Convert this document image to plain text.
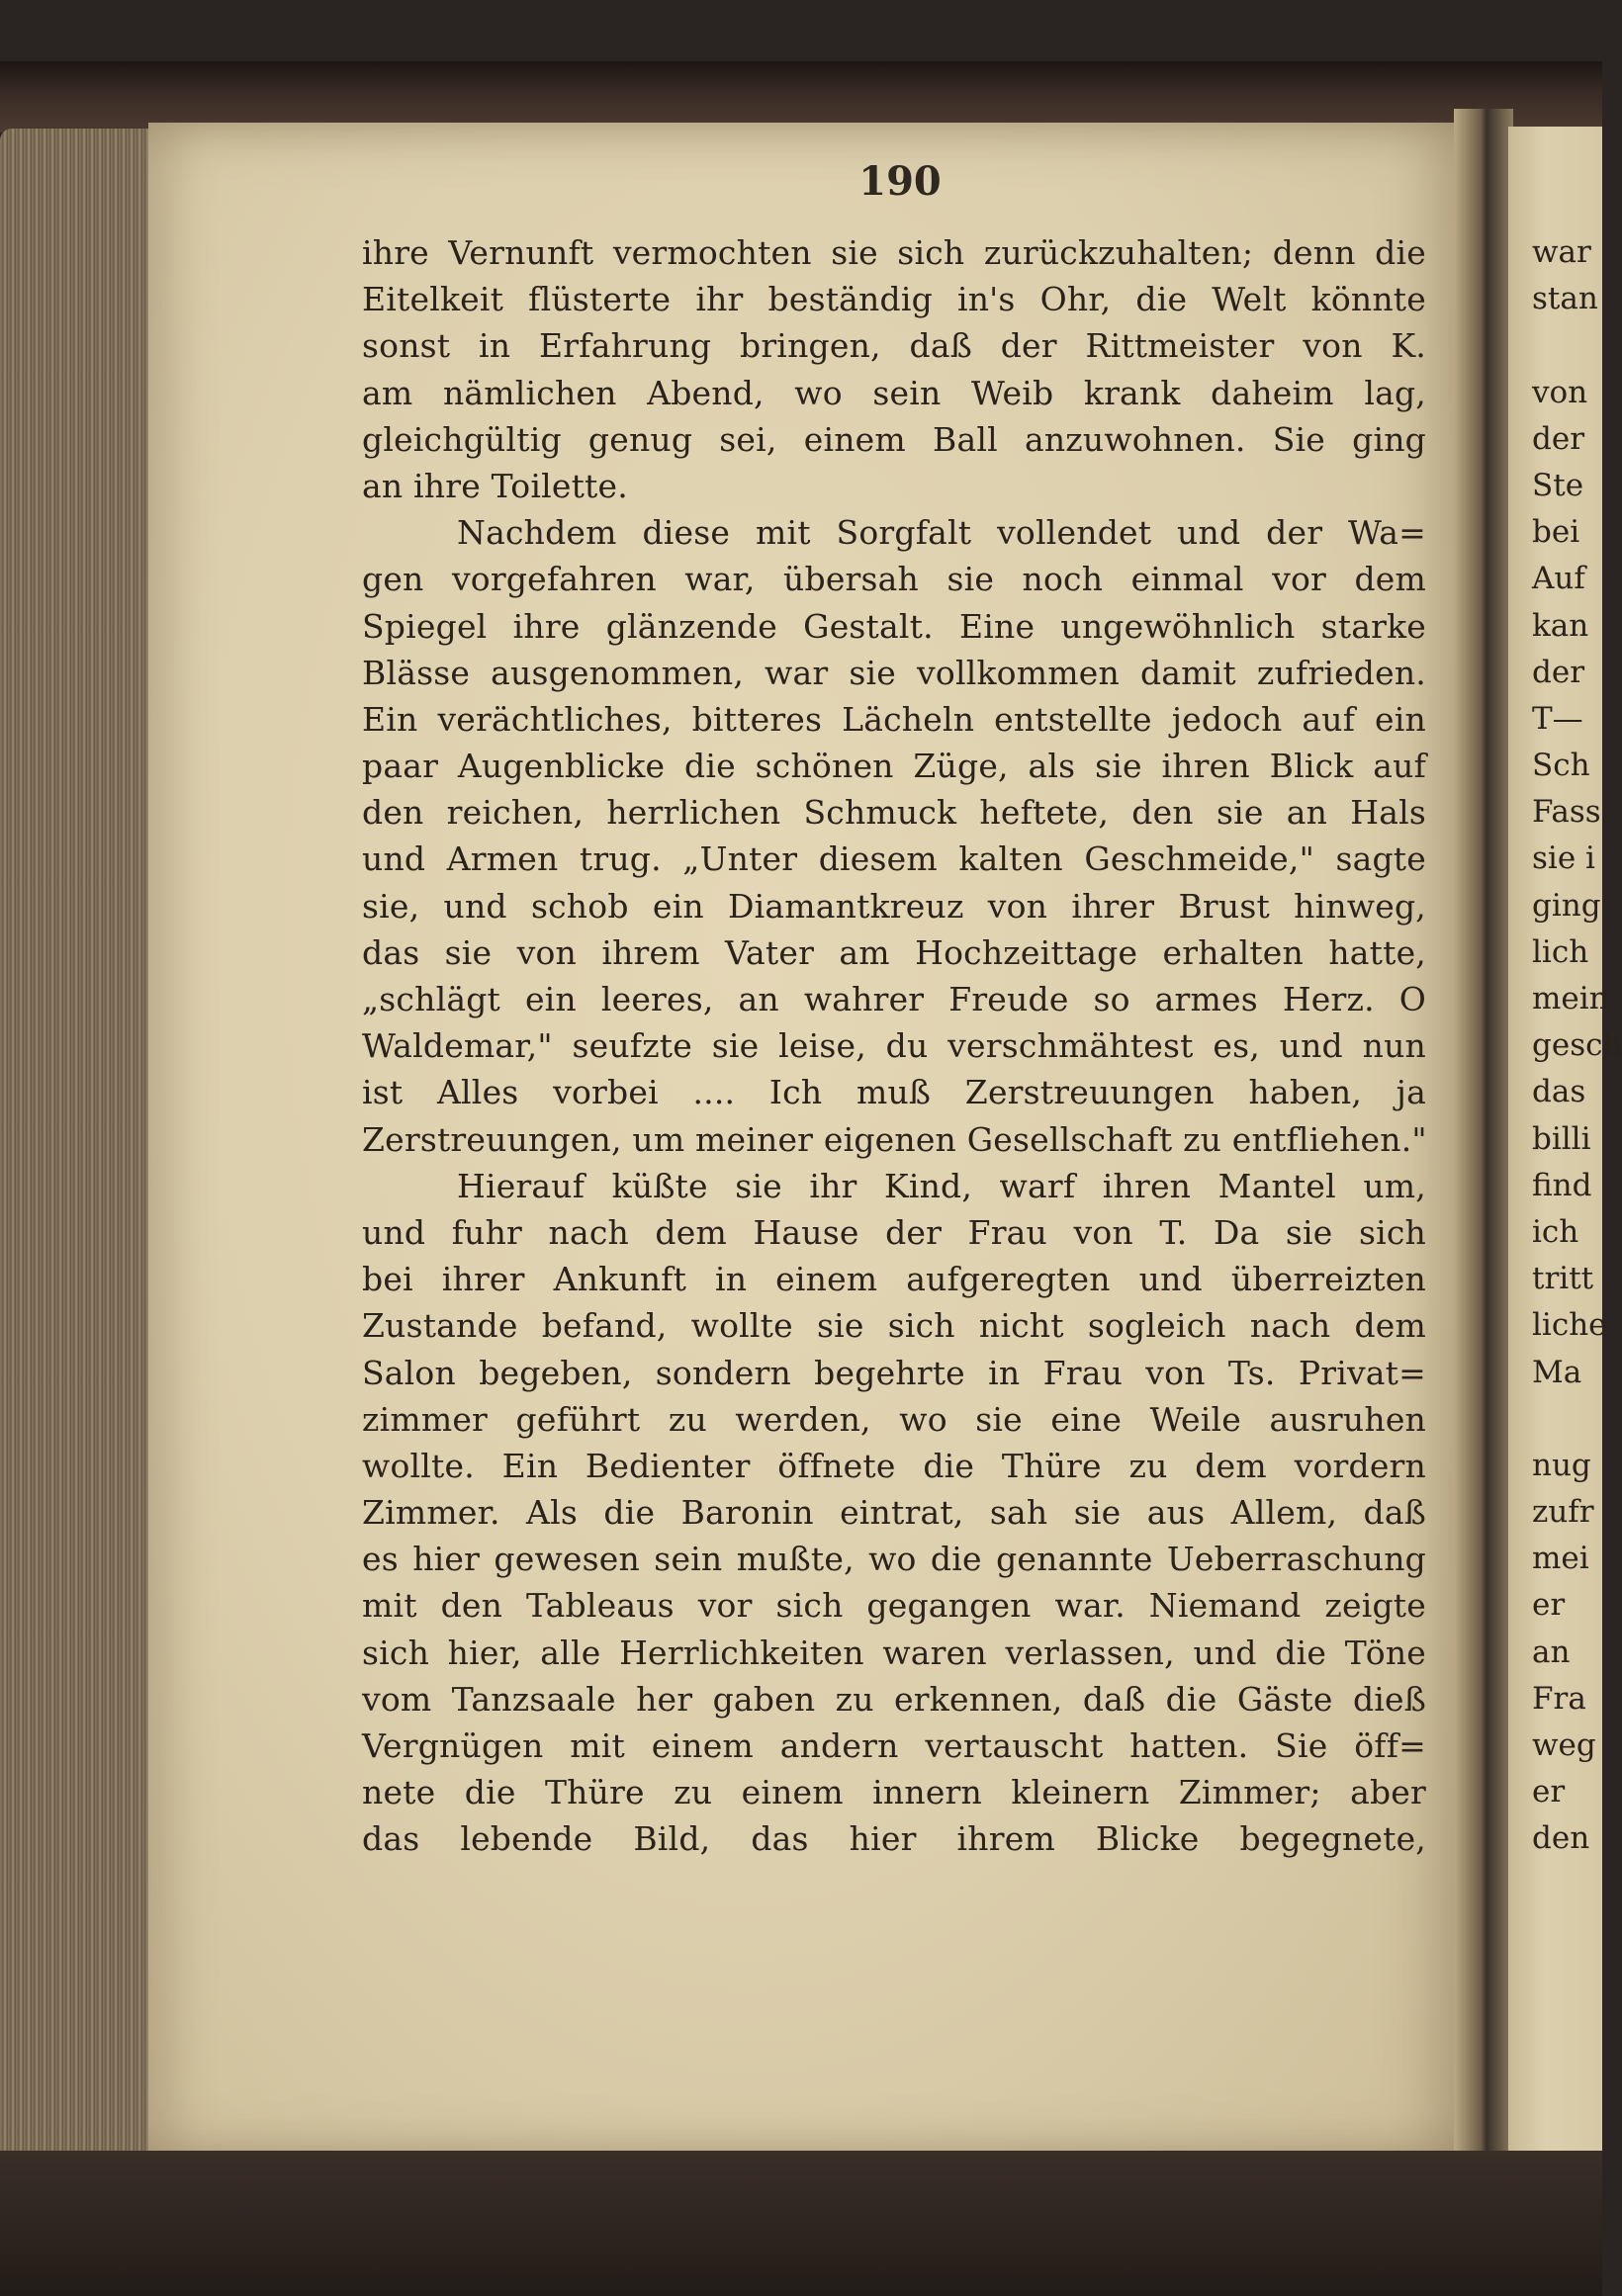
190
ihre Vernunft vermochten sie sich zurückzuhalten; denn die
Eitelkeit flüsterte ihr beständig in's Ohr, die Welt könnte
sonst in Erfahrung bringen, daß der Rittmeister von K.
am nämlichen Abend, wo sein Weib krank daheim lag,
gleichgültig genug sei, einem Ball anzuwohnen. Sie ging
an ihre Toilette.
Nachdem diese mit Sorgfalt vollendet und der Wa=
gen vorgefahren war, übersah sie noch einmal vor dem
Spiegel ihre glänzende Gestalt. Eine ungewöhnlich starke
Blässe ausgenommen, war sie vollkommen damit zufrieden.
Ein verächtliches, bitteres Lächeln entstellte jedoch auf ein
paar Augenblicke die schönen Züge, als sie ihren Blick auf
den reichen, herrlichen Schmuck heftete, den sie an Hals
und Armen trug. „Unter diesem kalten Geschmeide," sagte
sie, und schob ein Diamantkreuz von ihrer Brust hinweg,
das sie von ihrem Vater am Hochzeittage erhalten hatte,
„schlägt ein leeres, an wahrer Freude so armes Herz. O
Waldemar," seufzte sie leise, du verschmähtest es, und nun
ist Alles vorbei .... Ich muß Zerstreuungen haben, ja
Zerstreuungen, um meiner eigenen Gesellschaft zu entfliehen."
Hierauf küßte sie ihr Kind, warf ihren Mantel um,
und fuhr nach dem Hause der Frau von T. Da sie sich
bei ihrer Ankunft in einem aufgeregten und überreizten
Zustande befand, wollte sie sich nicht sogleich nach dem
Salon begeben, sondern begehrte in Frau von Ts. Privat=
zimmer geführt zu werden, wo sie eine Weile ausruhen
wollte. Ein Bedienter öffnete die Thüre zu dem vordern
Zimmer. Als die Baronin eintrat, sah sie aus Allem, daß
es hier gewesen sein mußte, wo die genannte Ueberraschung
mit den Tableaus vor sich gegangen war. Niemand zeigte
sich hier, alle Herrlichkeiten waren verlassen, und die Töne
vom Tanzsaale her gaben zu erkennen, daß die Gäste dieß
Vergnügen mit einem andern vertauscht hatten. Sie öff=
nete die Thüre zu einem innern kleinern Zimmer; aber
das lebende Bild, das hier ihrem Blicke begegnete,
war
stan
von
der
Ste
bei
Auf
kan
der
T—
Sch
Fass
sie i
ging
lich
mein
gesch
das
billi
find
ich
tritt
liche
Ma
nug
zufr
mei
er
an
Fra
weg
er
den
